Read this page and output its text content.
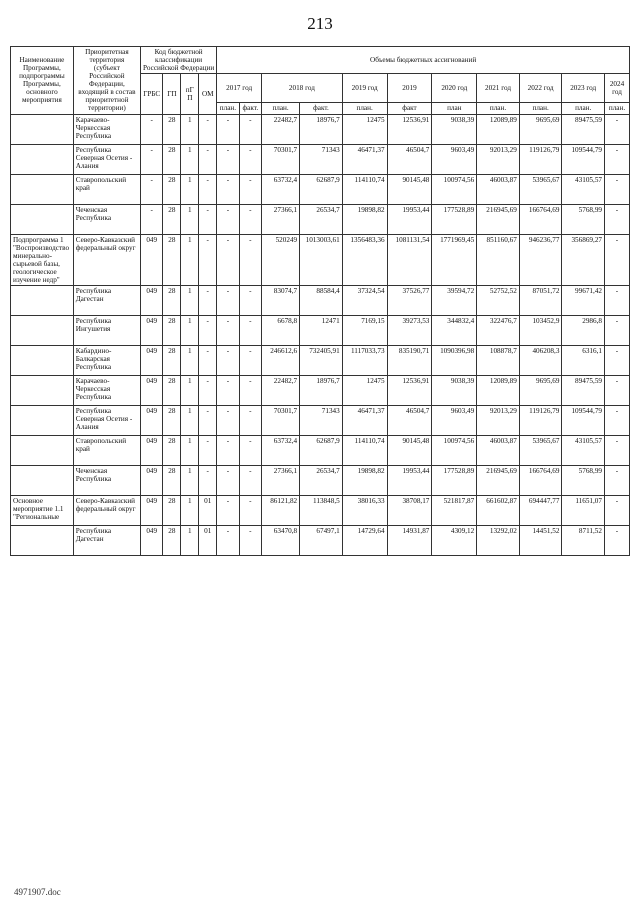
213
Наименование Программы, подпрограммы Программы, основного мероприятия	Приоритетная территория (субъект Российской Федерации, входящий в состав приоритетной территории)	Код бюджетной классификации Российской Федерации				Объемы бюджетных ассигнований										
		ГРБС	ГП	пГП	ОМ	2017 год		2018 год		2019 год	2019	2020 год	2021 год	2022 год	2023 год	2024 год
						план.	факт.	план.	факт.	план.	факт	план	план.	план.	план.	план.
	Карачаево-Черкесская Республика	-	28	1	-	-	-	22482,7	18976,7	12475	12536,91	9038,39	12089,89	9695,69	89475,59	-
	Республика Северная Осетия - Алания	-	28	1	-	-	-	70301,7	71343	46471,37	46504,7	9603,49	92013,29	119126,79	109544,79	-
	Ставропольский край	-	28	1	-	-	-	63732,4	62687,9	114110,74	90145,48	100974,56	46003,87	53965,67	43105,57	-
	Чеченская Республика	-	28	1	-	-	-	27366,1	26534,7	19898,82	19953,44	177528,89	216945,69	166764,69	5768,99	-
Подпрограмма 1 "Воспроизводство минерально-сырьевой базы, геологическое изучение недр"	Северо-Кавказский федеральный округ	049	28	1	-	-	-	520249	1013003,61	1356483,36	1081131,54	1771969,45	851160,67	946236,77	356869,27	-
	Республика Дагестан	049	28	1	-	-	-	83074,7	88584,4	37324,54	37526,77	39594,72	52752,52	87051,72	99671,42	-
	Республика Ингушетия	049	28	1	-	-	-	6678,8	12471	7169,15	39273,53	344832,4	322476,7	103452,9	2986,8	-
	Кабардино-Балкарская Республика	049	28	1	-	-	-	246612,6	732405,91	1117033,73	835190,71	1090396,98	108878,7	406208,3	6316,1	-
	Карачаево-Черкесская Республика	049	28	1	-	-	-	22482,7	18976,7	12475	12536,91	9038,39	12089,89	9695,69	89475,59	-
	Республика Северная Осетия - Алания	049	28	1	-	-	-	70301,7	71343	46471,37	46504,7	9603,49	92013,29	119126,79	109544,79	-
	Ставропольский край	049	28	1	-	-	-	63732,4	62687,9	114110,74	90145,48	100974,56	46003,87	53965,67	43105,57	-
	Чеченская Республика	049	28	1	-	-	-	27366,1	26534,7	19898,82	19953,44	177528,89	216945,69	166764,69	5768,99	-
Основное мероприятие 1.1 "Региональные	Северо-Кавказский федеральный округ	049	28	1	01	-	-	86121,82	113848,5	38016,33	38708,17	521817,87	661602,87	694447,77	11651,07	-
	Республика Дагестан	049	28	1	01	-	-	63470,8	67497,1	14729,64	14931,87	4309,12	13292,02	14451,52	8711,52	-
4971907.doc
